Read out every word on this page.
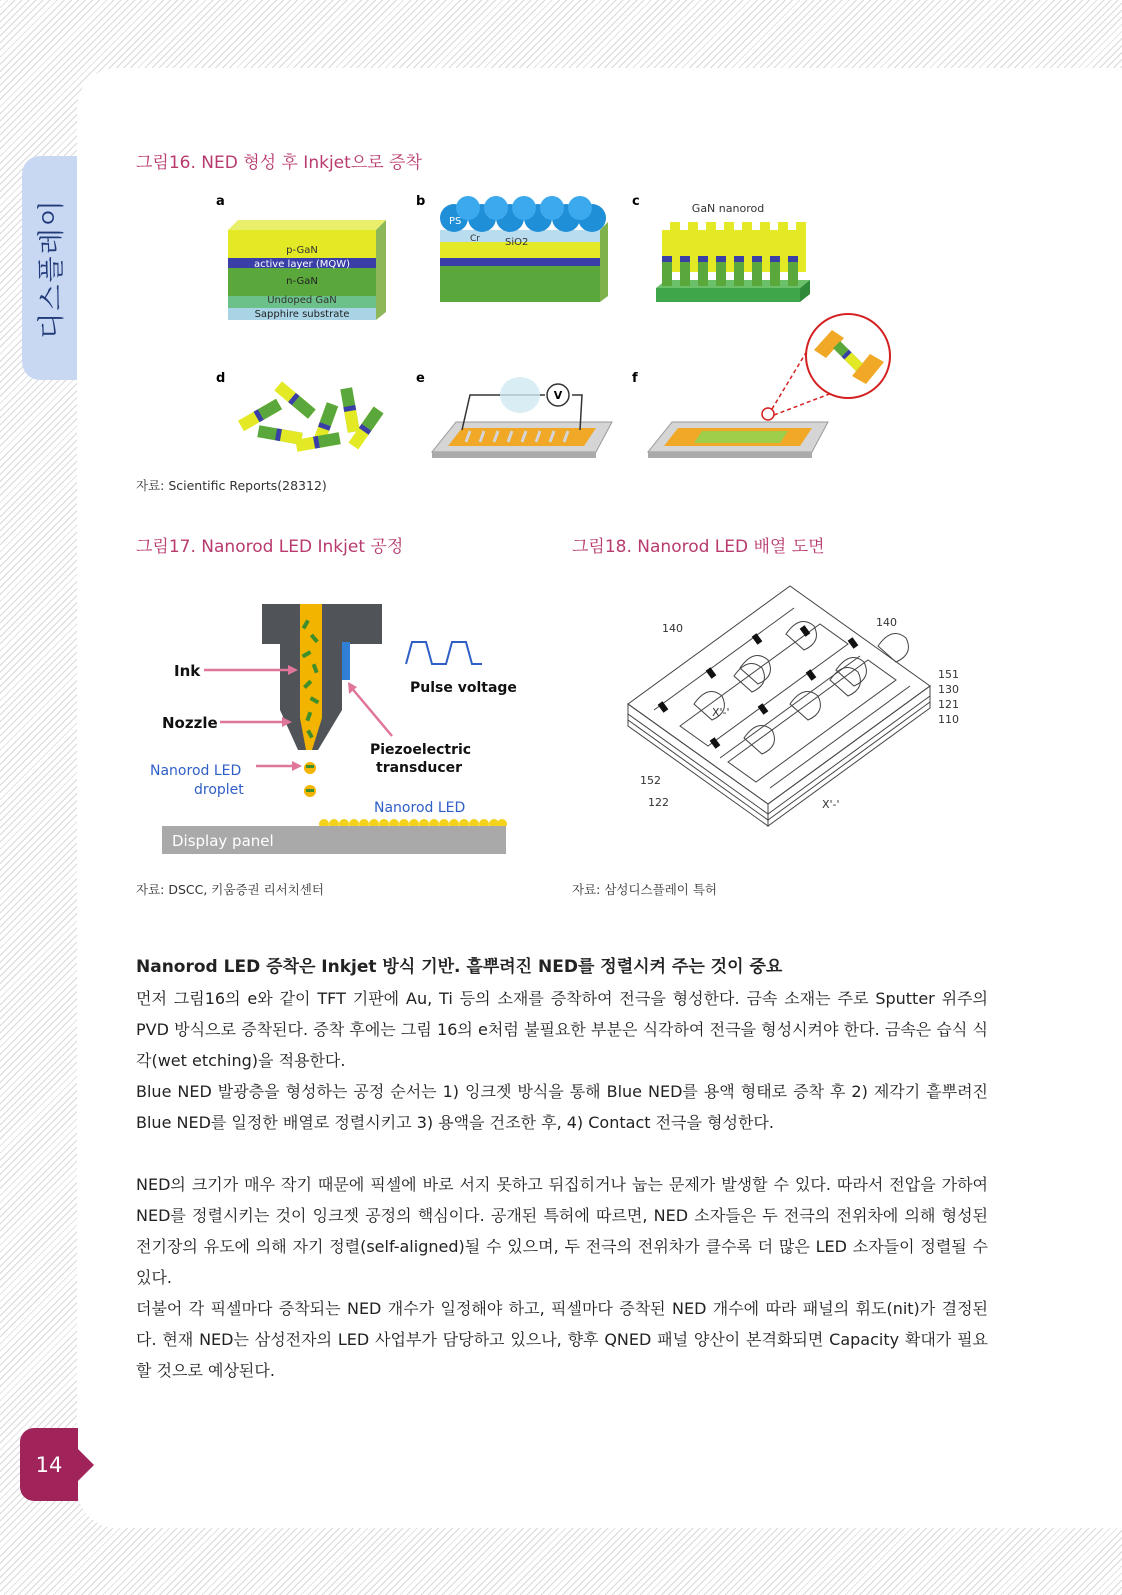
디스플레이
14
그림16. NED 형성 후 Inkjet으로 증착
a
p-GaN
active layer (MQW)
n-GaN
Undoped GaN
Sapphire substrate
b
PS
Cr	SiO2
c	GaN nanorod
d	e
V
f
자료: Scientific Reports(28312)
그림17. Nanorod LED Inkjet 공정
Pulse voltage
Ink
Nozzle
Piezoelectric
transducer
Nanorod LED
droplet
Nanorod LED
Display panel
자료: DSCC, 키움증권 리서치센터
그림18. Nanorod LED 배열 도면
140	140
151
130
121
110
152
122
X'-'
X'-'
자료: 삼성디스플레이 특허
Nanorod LED 증착은 Inkjet 방식 기반. 흩뿌려진 NED를 정렬시켜 주는 것이 중요

먼저 그림16의 e와 같이 TFT 기판에 Au, Ti 등의 소재를 증착하여 전극을 형성한다. 금속 소재는 주로 Sputter 위주의 PVD 방식으로 증착된다. 증착 후에는 그림 16의 e처럼 불필요한 부분은 식각하여 전극을 형성시켜야 한다. 금속은 습식 식각(wet etching)을 적용한다.

Blue NED 발광층을 형성하는 공정 순서는 1) 잉크젯 방식을 통해 Blue NED를 용액 형태로 증착 후 2) 제각기 흩뿌려진 Blue NED를 일정한 배열로 정렬시키고 3) 용액을 건조한 후, 4) Contact 전극을 형성한다.

NED의 크기가 매우 작기 때문에 픽셀에 바로 서지 못하고 뒤집히거나 눕는 문제가 발생할 수 있다. 따라서 전압을 가하여 NED를 정렬시키는 것이 잉크젯 공정의 핵심이다. 공개된 특허에 따르면, NED 소자들은 두 전극의 전위차에 의해 형성된 전기장의 유도에 의해 자기 정렬(self-aligned)될 수 있으며, 두 전극의 전위차가 클수록 더 많은 LED 소자들이 정렬될 수 있다.

더불어 각 픽셀마다 증착되는 NED 개수가 일정해야 하고, 픽셀마다 증착된 NED 개수에 따라 패널의 휘도(nit)가 결정된다. 현재 NED는 삼성전자의 LED 사업부가 담당하고 있으나, 향후 QNED 패널 양산이 본격화되면 Capacity 확대가 필요할 것으로 예상된다.
